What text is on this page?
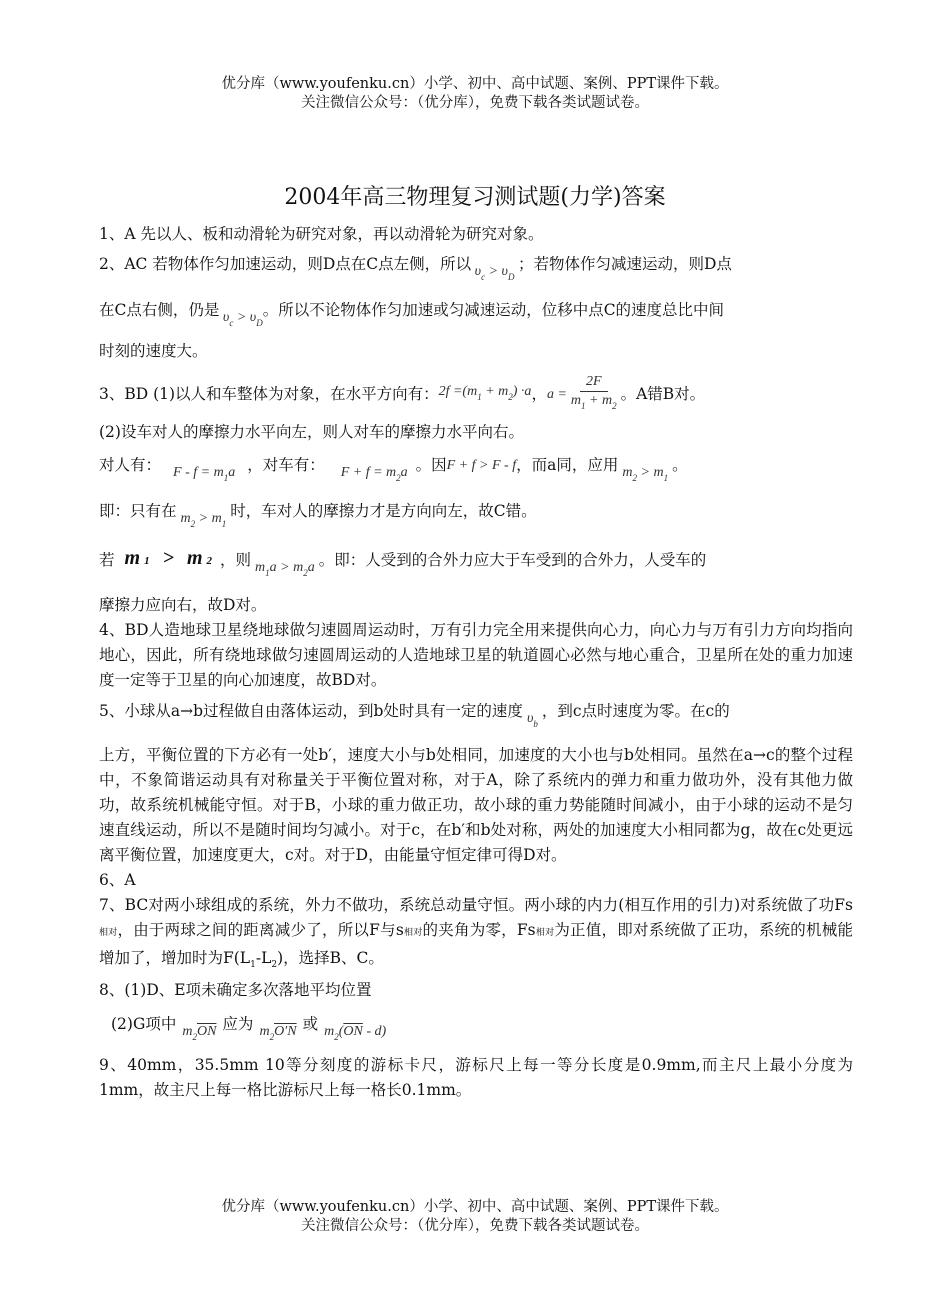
优分库（www.youfenku.cn）小学、初中、高中试题、案例、PPT课件下载。
关注微信公众号：（优分库），免费下载各类试题试卷。
2004年高三物理复习测试题(力学)答案

1、A 先以人、板和动滑轮为研究对象，再以动滑轮为研究对象。

2、AC 若物体作匀加速运动，则D点在C点左侧，所以 $\upsilon_c > \upsilon_D$
；若物体作匀减速运动，则D点

在C点右侧，仍是 $\upsilon_c > \upsilon_D$
。所以不论物体作匀加速或匀减速运动，位移中点C的速度总比中间

时刻的速度大。

3、BD (1)以人和车整体为对象，在水平方向有： $2f =(m_1 + m_2) \cdot a$ ， $a = \frac{2F}{m_1 + m_2}$ 。A错B对。

(2)设车对人的摩擦力水平向左，则人对车的摩擦力水平向右。

对人有： $F - f = m_1a$ ，对车有： $F + f = m_2a$ 。因 F + f > F - f ，而a同，应用 $m_2 > m_1$
。

即：只有在 $m_2 > m_1$
时，车对人的摩擦力才是方向向左，故C错。

若 m1 > m2 ，则 $m_1a > m_2a$ 。即：人受到的合外力应大于车受到的合外力，人受车的

摩擦力应向右，故D对。

4、BD人造地球卫星绕地球做匀速圆周运动时，万有引力完全用来提供向心力，向心力与万有引力方向均指向地心，因此，所有绕地球做匀速圆周运动的人造地球卫星的轨道圆心必然与地心重合，卫星所在处的重力加速度一定等于卫星的向心加速度，故BD对。

5、小球从a→b过程做自由落体运动，到b处时具有一定的速度 $\upsilon_b$
，到c点时速度为零。在c的

上方，平衡位置的下方必有一处b′，速度大小与b处相同，加速度的大小也与b处相同。虽然在a→c的整个过程中，不象简谐运动具有对称量关于平衡位置对称，对于A，除了系统内的弹力和重力做功外，没有其他力做功，故系统机械能守恒。对于B，小球的重力做正功，故小球的重力势能随时间减小，由于小球的运动不是匀速直线运动，所以不是随时间均匀减小。对于c，在b′和b处对称，两处的加速度大小相同都为g，故在c处更远离平衡位置，加速度更大，c对。对于D，由能量守恒定律可得D对。

6、A

7、BC对两小球组成的系统，外力不做功，系统总动量守恒。两小球的内力(相互作用的引力)对系统做了功Fs相对，由于两球之间的距离减少了，所以F与s相对的夹角为零，Fs相对为正值，即对系统做了正功，系统的机械能增加了，增加时为$F(L_1-L_2)$，选择B、C。

8、(1)D、E项未确定多次落地平均位置

(2)G项中 $m_2\overline{ON}$ 应为 $m_2O'N$ 或 $m_2(\overline{ON} - d)$

9、40mm，35.5mm 10等分刻度的游标卡尺，游标尺上每一等分长度是0.9mm,而主尺上最小分度为1mm，故主尺上每一格比游标尺上每一格长0.1mm。

优分库（www.youfenku.cn）小学、初中、高中试题、案例、PPT课件下载。
关注微信公众号：（优分库），免费下载各类试题试卷。
